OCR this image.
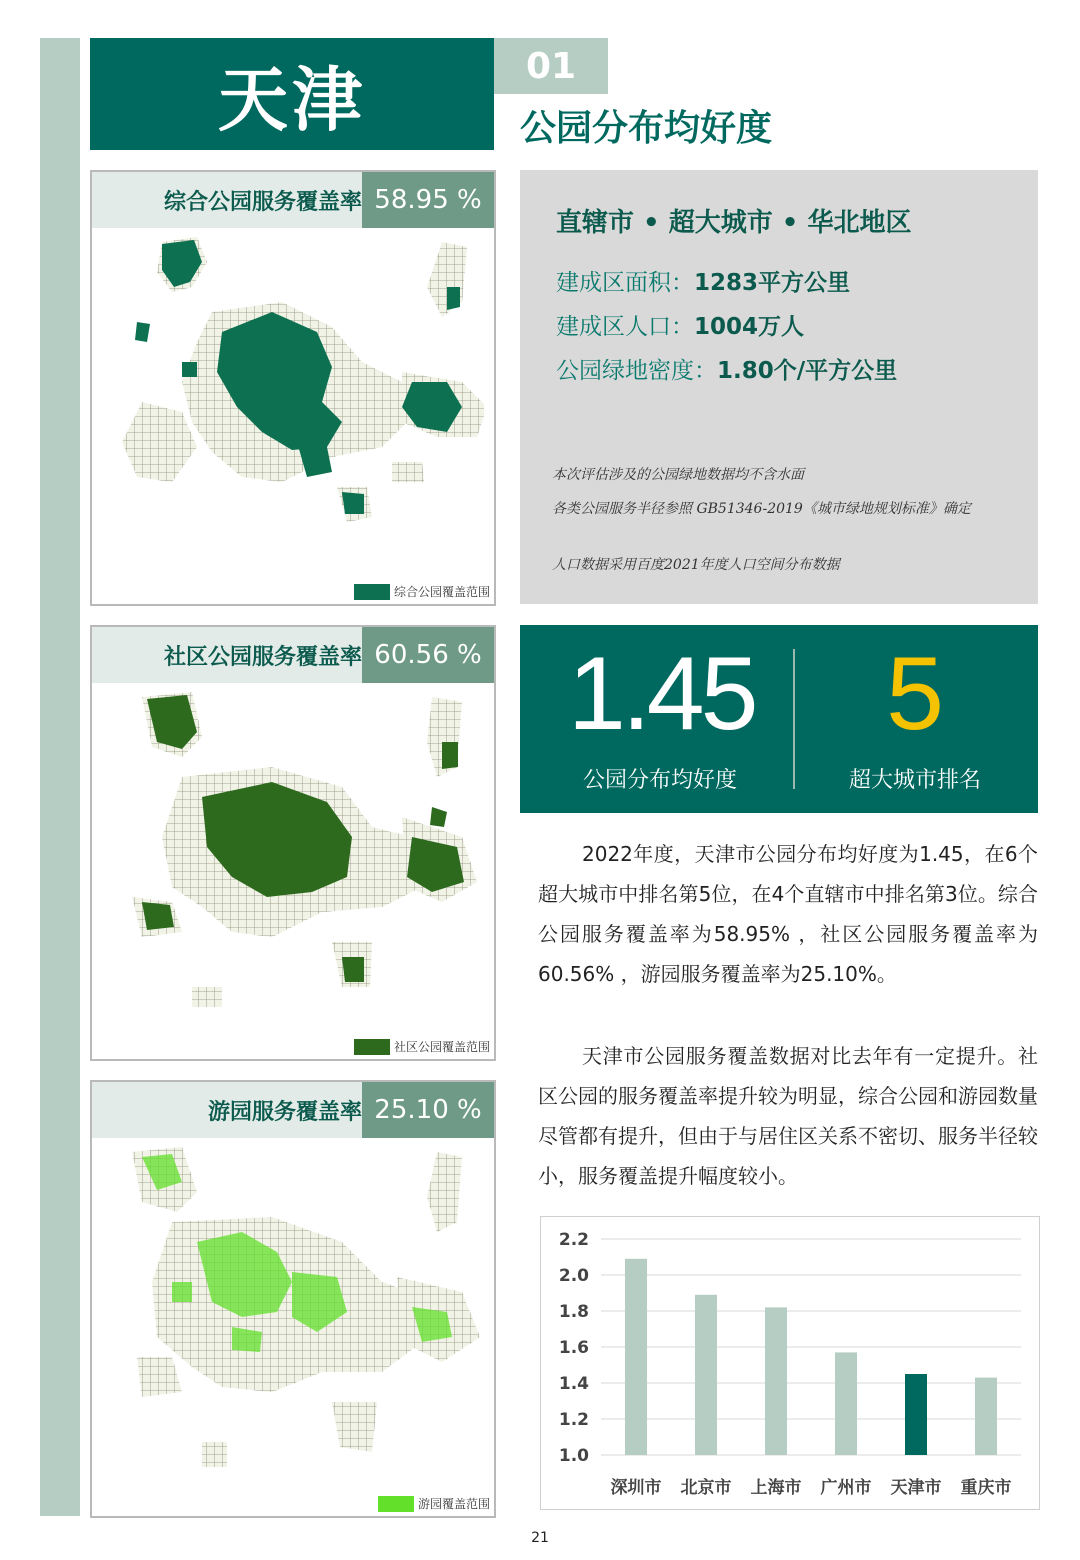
天津	01
公园分布均好度
综合公园服务覆盖率 58.95 %
综合公园覆盖范围
社区公园服务覆盖率 60.56 %
社区公园覆盖范围
游园服务覆盖率 25.10 %
游园覆盖范围
直辖市 • 超大城市 • 华北地区
建成区面积：1283平方公里
建成区人口：1004万人
公园绿地密度：1.80个/平方公里
本次评估涉及的公园绿地数据均不含水面
各类公园服务半径参照 GB51346-2019《城市绿地规划标准》确定
人口数据采用百度2021年度人口空间分布数据
1.45
公园分布均好度
5
超大城市排名
2022年度，天津市公园分布均好度为1.45，在6个超大城市中排名第5位，在4个直辖市中排名第3位。综合公园服务覆盖率为58.95% ，社区公园服务覆盖率为60.56% ，游园服务覆盖率为25.10%。
天津市公园服务覆盖数据对比去年有一定提升。社区公园的服务覆盖率提升较为明显，综合公园和游园数量尽管都有提升，但由于与居住区关系不密切、服务半径较小，服务覆盖提升幅度较小。
2.2
2.0
1.8
1.6
1.4
1.2
1.0
深圳市 北京市 上海市 广州市 天津市 重庆市
21
